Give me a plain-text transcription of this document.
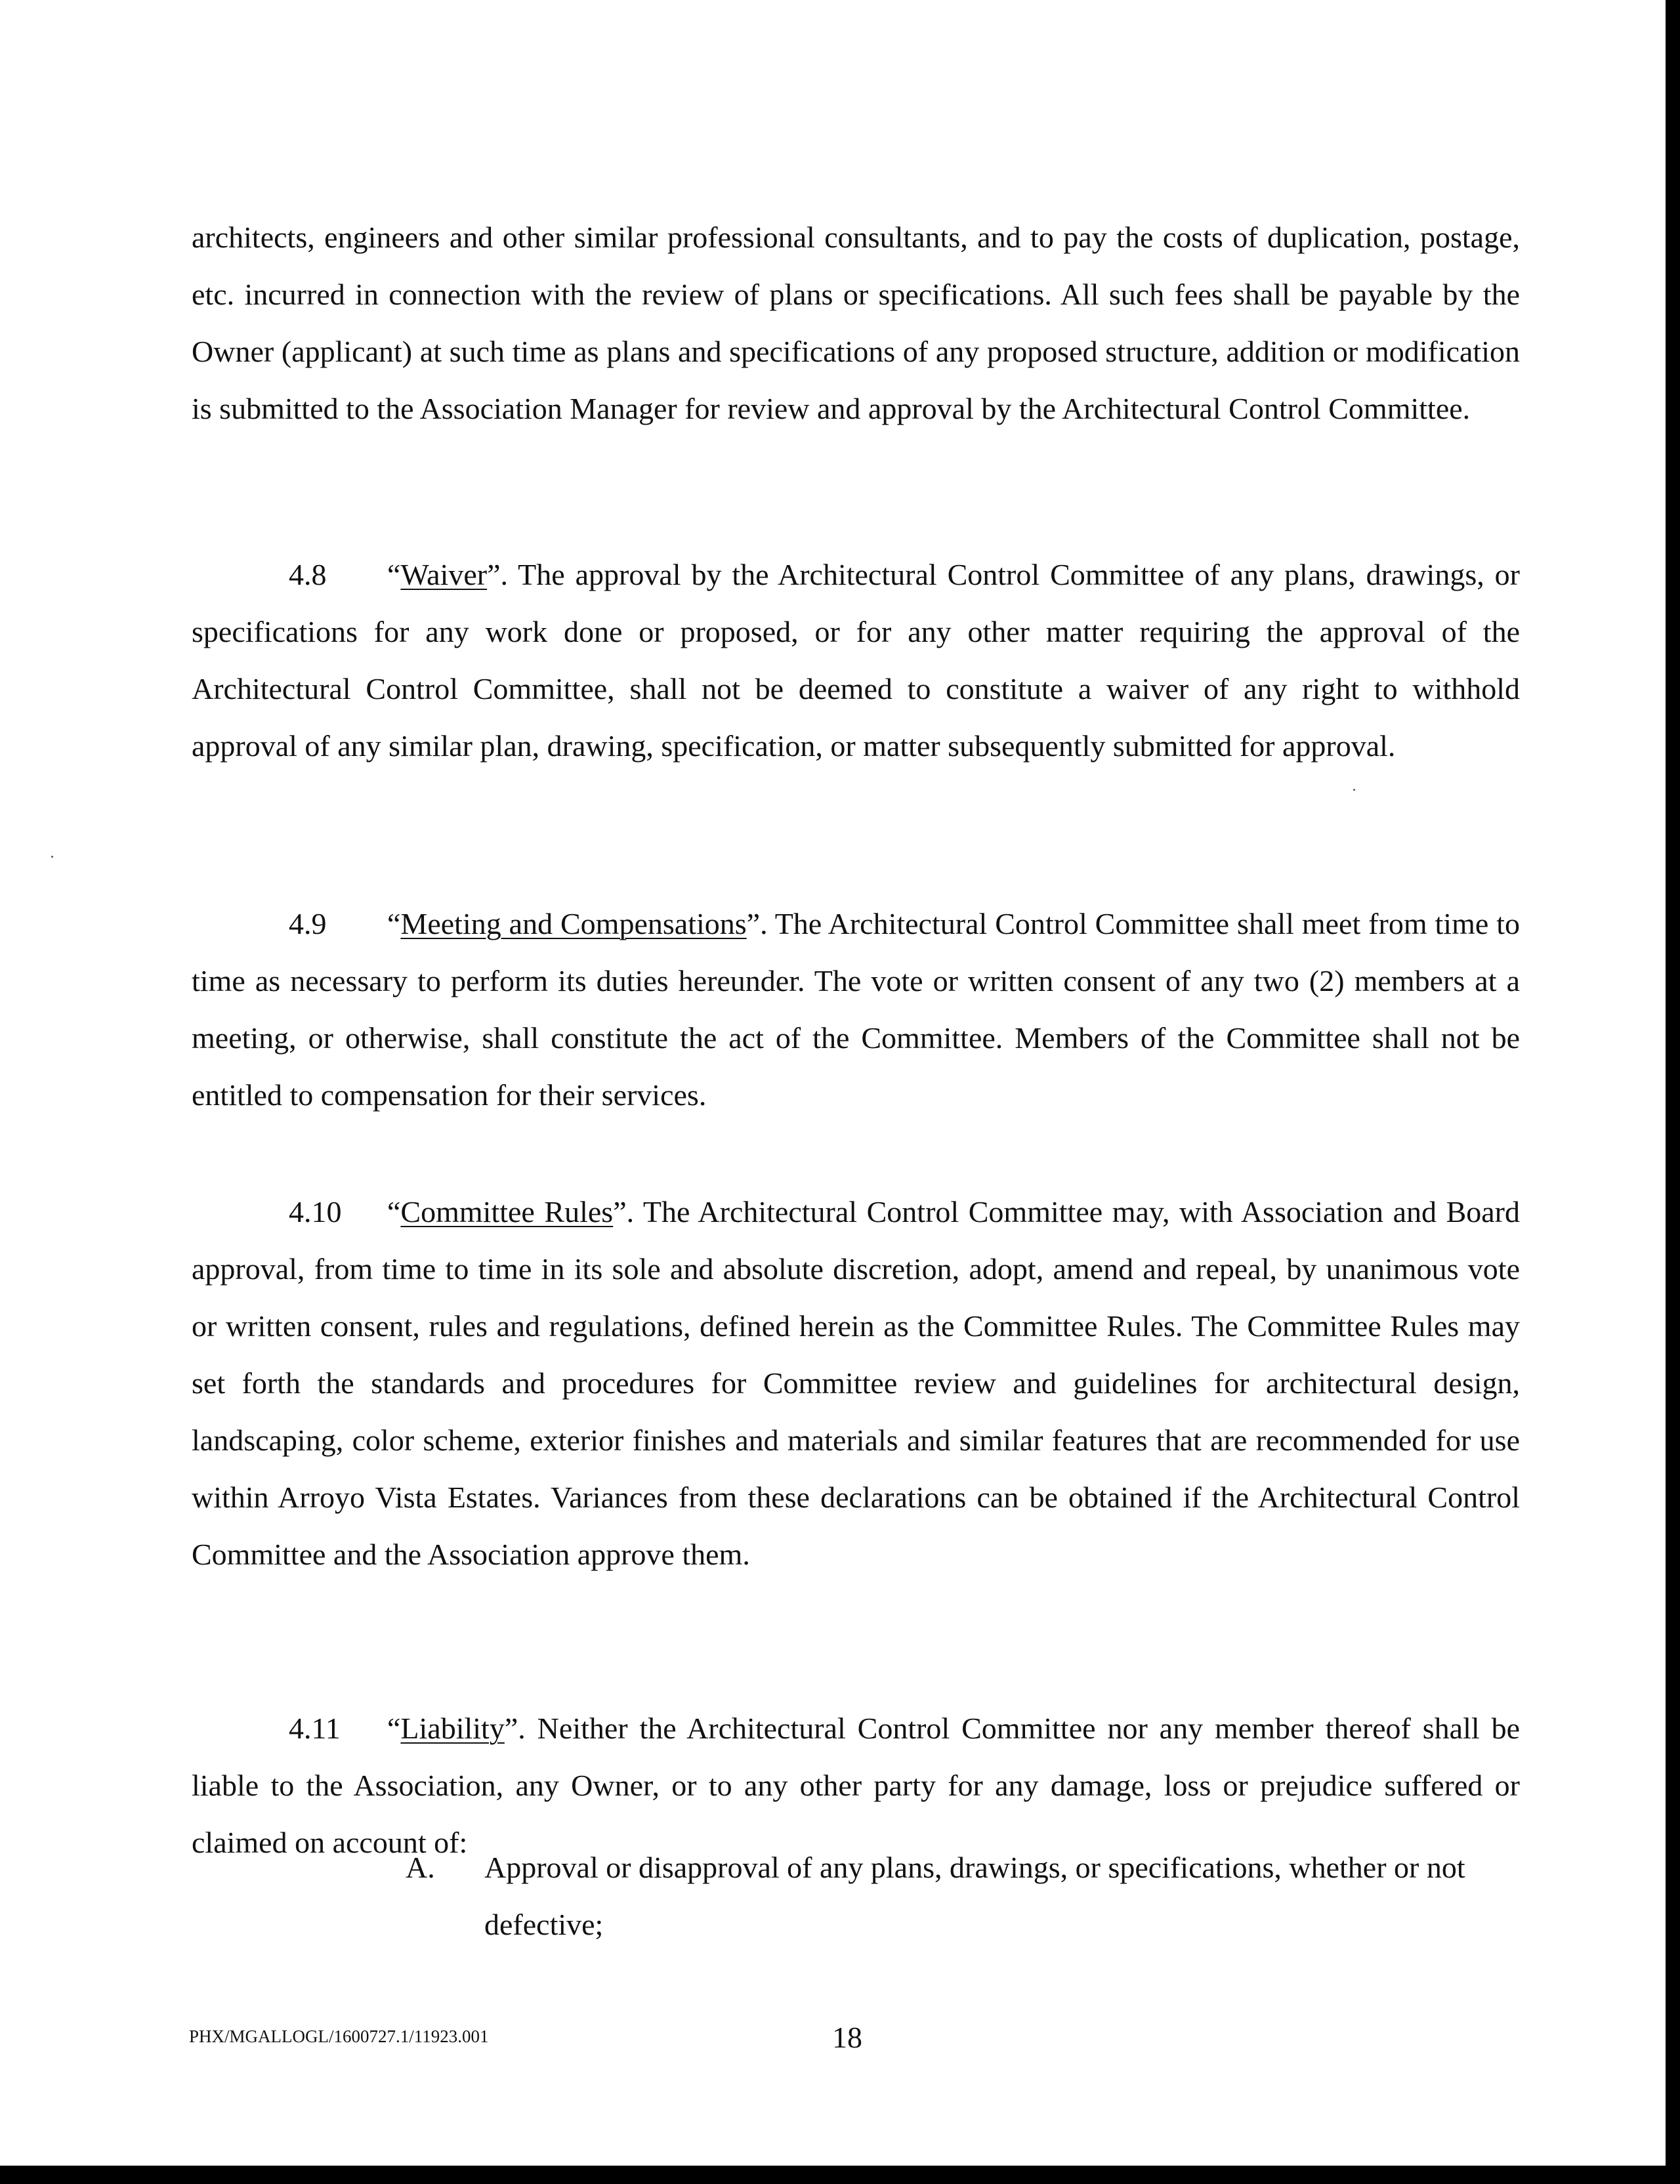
architects, engineers and other similar professional consultants, and to pay the costs of duplication, postage, etc. incurred in connection with the review of plans or specifications. All such fees shall be payable by the Owner (applicant) at such time as plans and specifications of any proposed structure, addition or modification is submitted to the Association Manager for review and approval by the Architectural Control Committee.

4.8 “Waiver”. The approval by the Architectural Control Committee of any plans, drawings, or specifications for any work done or proposed, or for any other matter requiring the approval of the Architectural Control Committee, shall not be deemed to constitute a waiver of any right to withhold approval of any similar plan, drawing, specification, or matter subsequently submitted for approval.

4.9 “Meeting and Compensations”. The Architectural Control Committee shall meet from time to time as necessary to perform its duties hereunder. The vote or written consent of any two (2) members at a meeting, or otherwise, shall constitute the act of the Committee. Members of the Committee shall not be entitled to compensation for their services.

4.10 “Committee Rules”. The Architectural Control Committee may, with Association and Board approval, from time to time in its sole and absolute discretion, adopt, amend and repeal, by unanimous vote or written consent, rules and regulations, defined herein as the Committee Rules. The Committee Rules may set forth the standards and procedures for Committee review and guidelines for architectural design, landscaping, color scheme, exterior finishes and materials and similar features that are recommended for use within Arroyo Vista Estates. Variances from these declarations can be obtained if the Architectural Control Committee and the Association approve them.

4.11 “Liability”. Neither the Architectural Control Committee nor any member thereof shall be liable to the Association, any Owner, or to any other party for any damage, loss or prejudice suffered or claimed on account of:

A. Approval or disapproval of any plans, drawings, or specifications, whether or not defective;
PHX/MGALLOGL/1600727.1/11923.001	18
